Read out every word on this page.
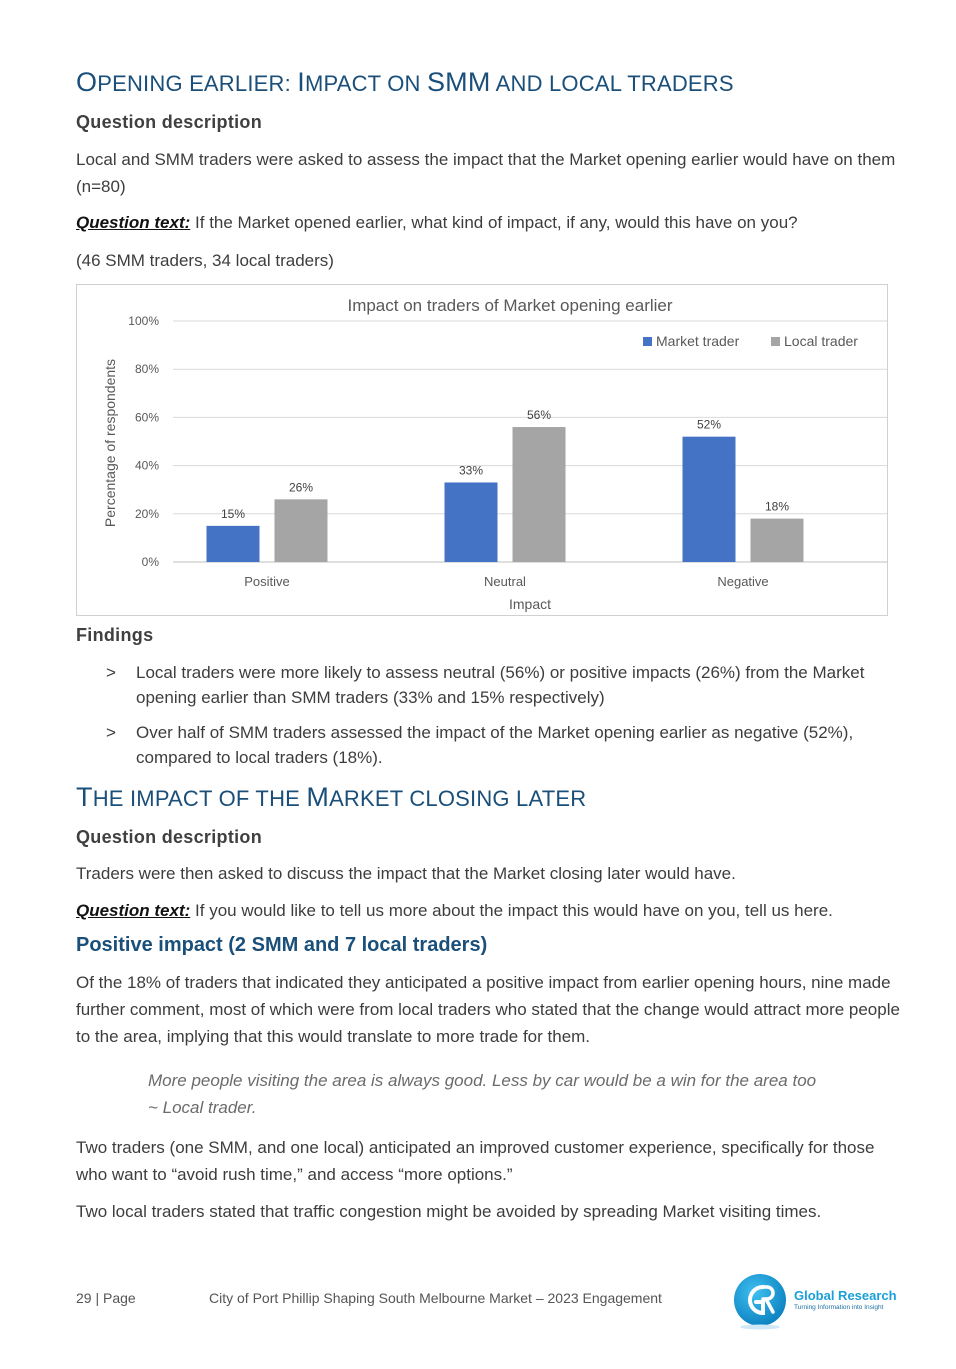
OPENING EARLIER: IMPACT ON SMM AND LOCAL TRADERS
Question description
Local and SMM traders were asked to assess the impact that the Market opening earlier would have on them (n=80)
Question text: If the Market opened earlier, what kind of impact, if any, would this have on you?
(46 SMM traders, 34 local traders)
Impact on traders of Market opening earlier
Percentage of respondents
Impact
0%
20%
40%
60%
80%
100%
15%
26%
33%
56%
52%
18%
Positive	Neutral	Negative
Market trader	Local trader
Findings
> Local traders were more likely to assess neutral (56%) or positive impacts (26%) from the Market opening earlier than SMM traders (33% and 15% respectively)
> Over half of SMM traders assessed the impact of the Market opening earlier as negative (52%), compared to local traders (18%).
THE IMPACT OF THE MARKET CLOSING LATER
Question description
Traders were then asked to discuss the impact that the Market closing later would have.
Question text: If you would like to tell us more about the impact this would have on you, tell us here.
Positive impact (2 SMM and 7 local traders)
Of the 18% of traders that indicated they anticipated a positive impact from earlier opening hours, nine made further comment, most of which were from local traders who stated that the change would attract more people to the area, implying that this would translate to more trade for them.
More people visiting the area is always good. Less by car would be a win for the area too
~ Local trader.
Two traders (one SMM, and one local) anticipated an improved customer experience, specifically for those who want to “avoid rush time,” and access “more options.”
Two local traders stated that traffic congestion might be avoided by spreading Market visiting times.
29 | Page	City of Port Phillip Shaping South Melbourne Market – 2023 Engagement	Global Research
Turning Information into Insight
